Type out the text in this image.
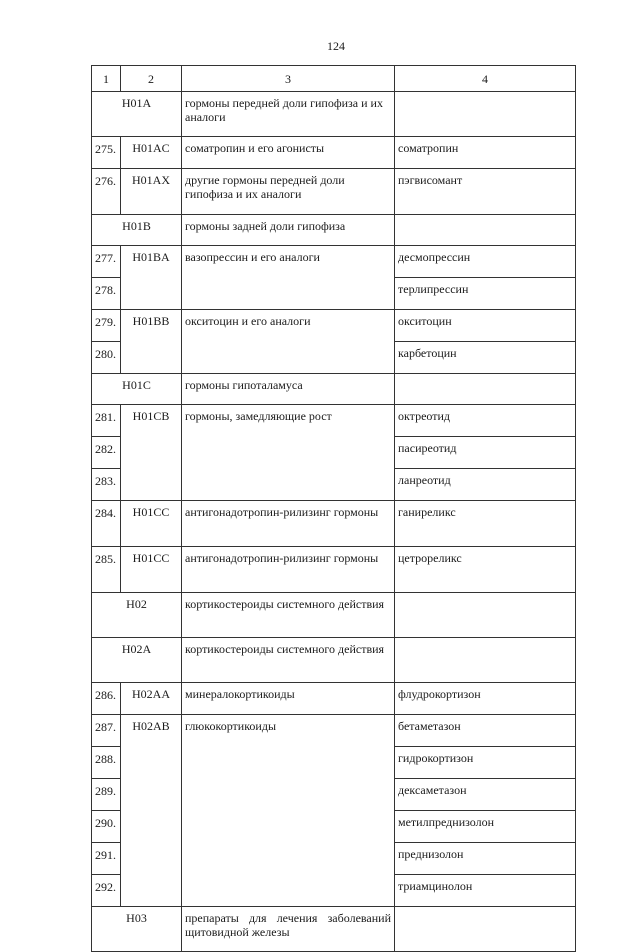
124
1	2	3	4
H01A		гормоны передней доли гипофиза и их аналоги	
275.	H01AC	соматропин и его агонисты	соматропин
276.	H01AX	другие гормоны передней доли гипофиза и их аналоги	пэгвисомант
H01B		гормоны задней доли гипофиза	
277.	H01BA	вазопрессин и его аналоги	десмопрессин
278.			терлипрессин
279.	H01BB	окситоцин и его аналоги	окситоцин
280.			карбетоцин
H01C		гормоны гипоталамуса	
281.	H01CB	гормоны, замедляющие рост	октреотид
282.			пасиреотид
283.			ланреотид
284.	H01CC	антигонадотропин-рилизинг гормоны	ганиреликс
285.	H01CC	антигонадотропин-рилизинг гормоны	цетрореликс
H02		кортикостероиды системного действия	
H02A		кортикостероиды системного действия	
286.	H02AA	минералокортикоиды	флудрокортизон
287.	H02AB	глюкокортикоиды	бетаметазон
288.			гидрокортизон
289.			дексаметазон
290.			метилпреднизолон
291.			преднизолон
292.			триамцинолон
H03		препараты для лечения заболеваний щитовидной железы	
